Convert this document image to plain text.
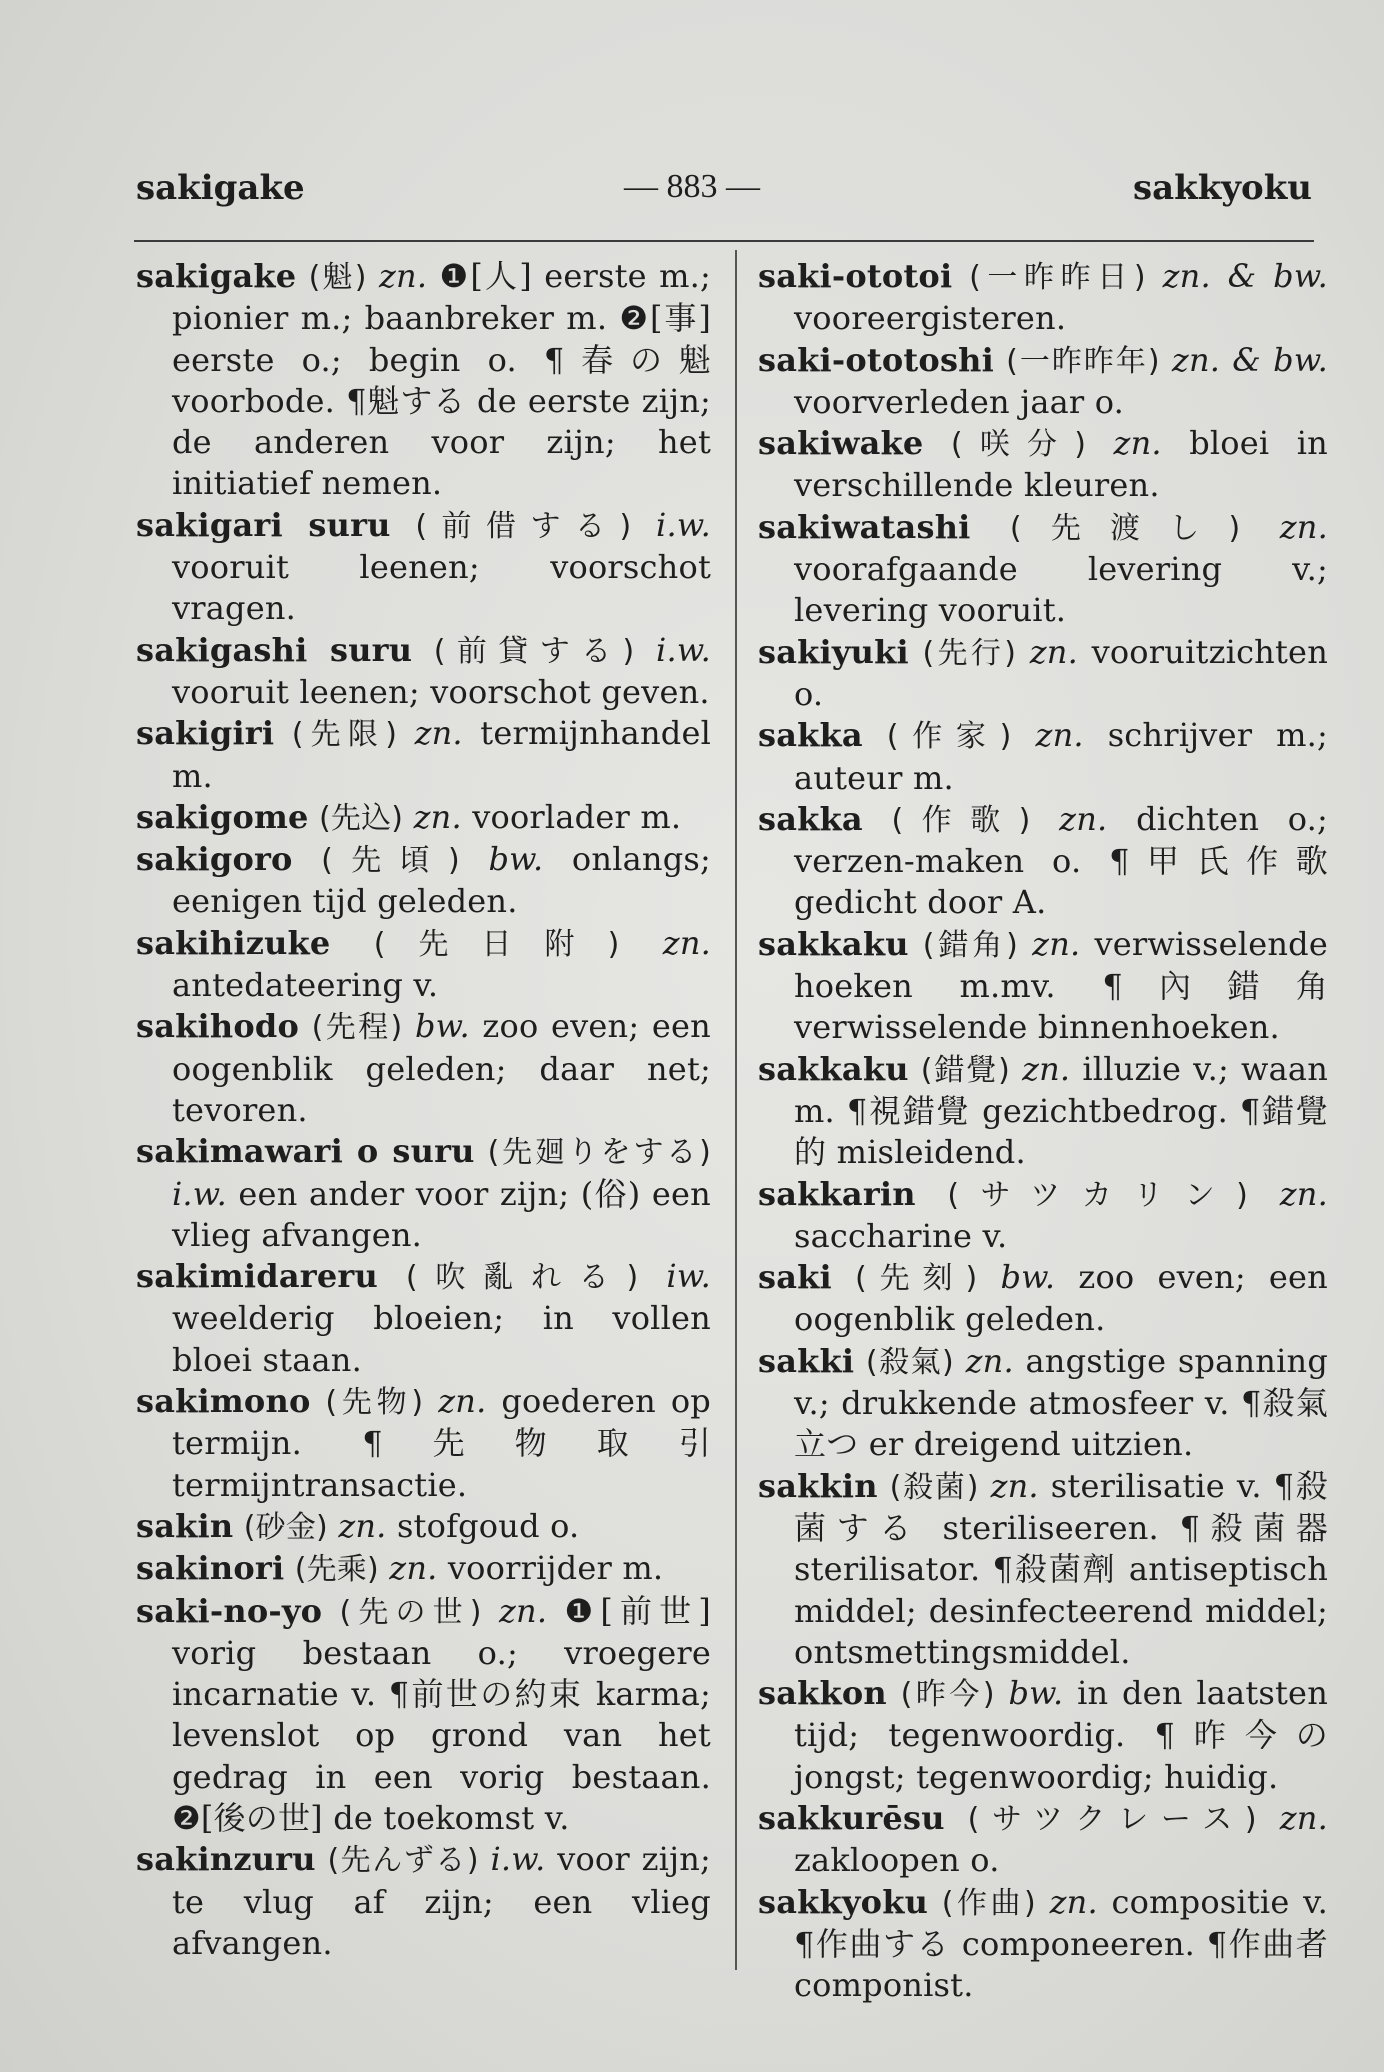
sakigake	— 883 —	sakkyoku

sakigake (魁) zn. ❶[人] eerste m.; pionier m.; baanbreker m. ❷[事] eerste o.; begin o. ¶春の魁 voorbode. ¶魁する de eerste zijn; de anderen voor zijn; het initiatief nemen.

sakigari suru (前借する) i.w. vooruit leenen; voorschot vragen.

sakigashi suru (前貸する) i.w. vooruit leenen; voorschot geven.

sakigiri (先限) zn. termijnhandel m.

sakigome (先込) zn. voorlader m.

sakigoro (先頃) bw. onlangs; eenigen tijd geleden.

sakihizuke (先日附) zn. antedateering v.

sakihodo (先程) bw. zoo even; een oogenblik geleden; daar net; tevoren.

sakimawari o suru (先廻りをする) i.w. een ander voor zijn; (俗) een vlieg afvangen.

sakimidareru (吹亂れる) iw. weelderig bloeien; in vollen bloei staan.

sakimono (先物) zn. goederen op termijn. ¶先物取引 termijntransactie.

sakin (砂金) zn. stofgoud o.

sakinori (先乘) zn. voorrijder m.

saki-no-yo (先の世) zn. ❶[前世] vorig bestaan o.; vroegere incarnatie v. ¶前世の約束 karma; levenslot op grond van het gedrag in een vorig bestaan. ❷[後の世] de toekomst v.

sakinzuru (先んずる) i.w. voor zijn; te vlug af zijn; een vlieg afvangen.

saki-ototoi (一昨昨日) zn. & bw. vooreergisteren.

saki-ototoshi (一昨昨年) zn. & bw. voorverleden jaar o.

sakiwake (咲分) zn. bloei in verschillende kleuren.

sakiwatashi (先渡し) zn. voorafgaande levering v.; levering vooruit.

sakiyuki (先行) zn. vooruitzichten o.

sakka (作家) zn. schrijver m.; auteur m.

sakka (作歌) zn. dichten o.; verzen-maken o. ¶甲氏作歌 gedicht door A.

sakkaku (錯角) zn. verwisselende hoeken m.mv. ¶內錯角 verwisselende binnenhoeken.

sakkaku (錯覺) zn. illuzie v.; waan m. ¶視錯覺 gezichtbedrog. ¶錯覺的 misleidend.

sakkarin (サツカリン) zn. saccharine v.

saki (先刻) bw. zoo even; een oogenblik geleden.

sakki (殺氣) zn. angstige spanning v.; drukkende atmosfeer v. ¶殺氣立つ er dreigend uitzien.

sakkin (殺菌) zn. sterilisatie v. ¶殺菌する steriliseeren. ¶殺菌器 sterilisator. ¶殺菌劑 antiseptisch middel; desinfecteerend middel; ontsmettingsmiddel.

sakkon (昨今) bw. in den laatsten tijd; tegenwoordig. ¶昨今の jongst; tegenwoordig; huidig.

sakkurēsu (サツクレース) zn. zakloopen o.

sakkyoku (作曲) zn. compositie v. ¶作曲する componeeren. ¶作曲者 componist.
